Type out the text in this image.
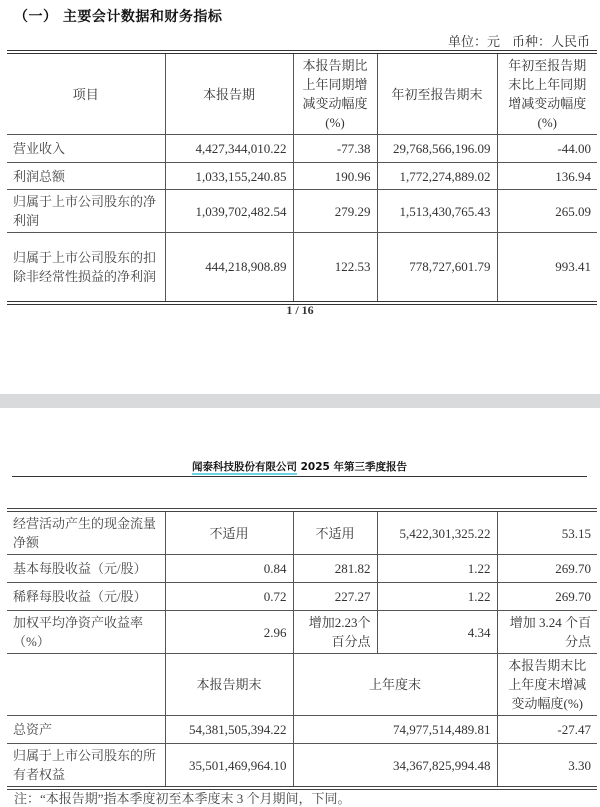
（一） 主要会计数据和财务指标
单位：元 币种：人民币
项目	本报告期	本报告期比上年同期增减变动幅度(%)	年初至报告期末	年初至报告期末比上年同期增减变动幅度(%)
营业收入	4,427,344,010.22	-77.38	29,768,566,196.09	-44.00
利润总额	1,033,155,240.85	190.96	1,772,274,889.02	136.94
归属于上市公司股东的净利润	1,039,702,482.54	279.29	1,513,430,765.43	265.09
归属于上市公司股东的扣除非经常性损益的净利润	444,218,908.89	122.53	778,727,601.79	993.41
1 / 16
闻泰科技股份有限公司 2025 年第三季度报告
经营活动产生的现金流量净额	不适用	不适用	5,422,301,325.22	53.15
基本每股收益（元/股）	0.84	281.82	1.22	269.70
稀释每股收益（元/股）	0.72	227.27	1.22	269.70
加权平均净资产收益率（%）	2.96	增加2.23个百分点	4.34	增加 3.24 个百分点
	本报告期末	上年度末		本报告期末比上年度末增减变动幅度(%)
总资产	54,381,505,394.22	74,977,514,489.81		-27.47
归属于上市公司股东的所有者权益	35,501,469,964.10	34,367,825,994.48		3.30
注：“本报告期”指本季度初至本季度末 3 个月期间，下同。
